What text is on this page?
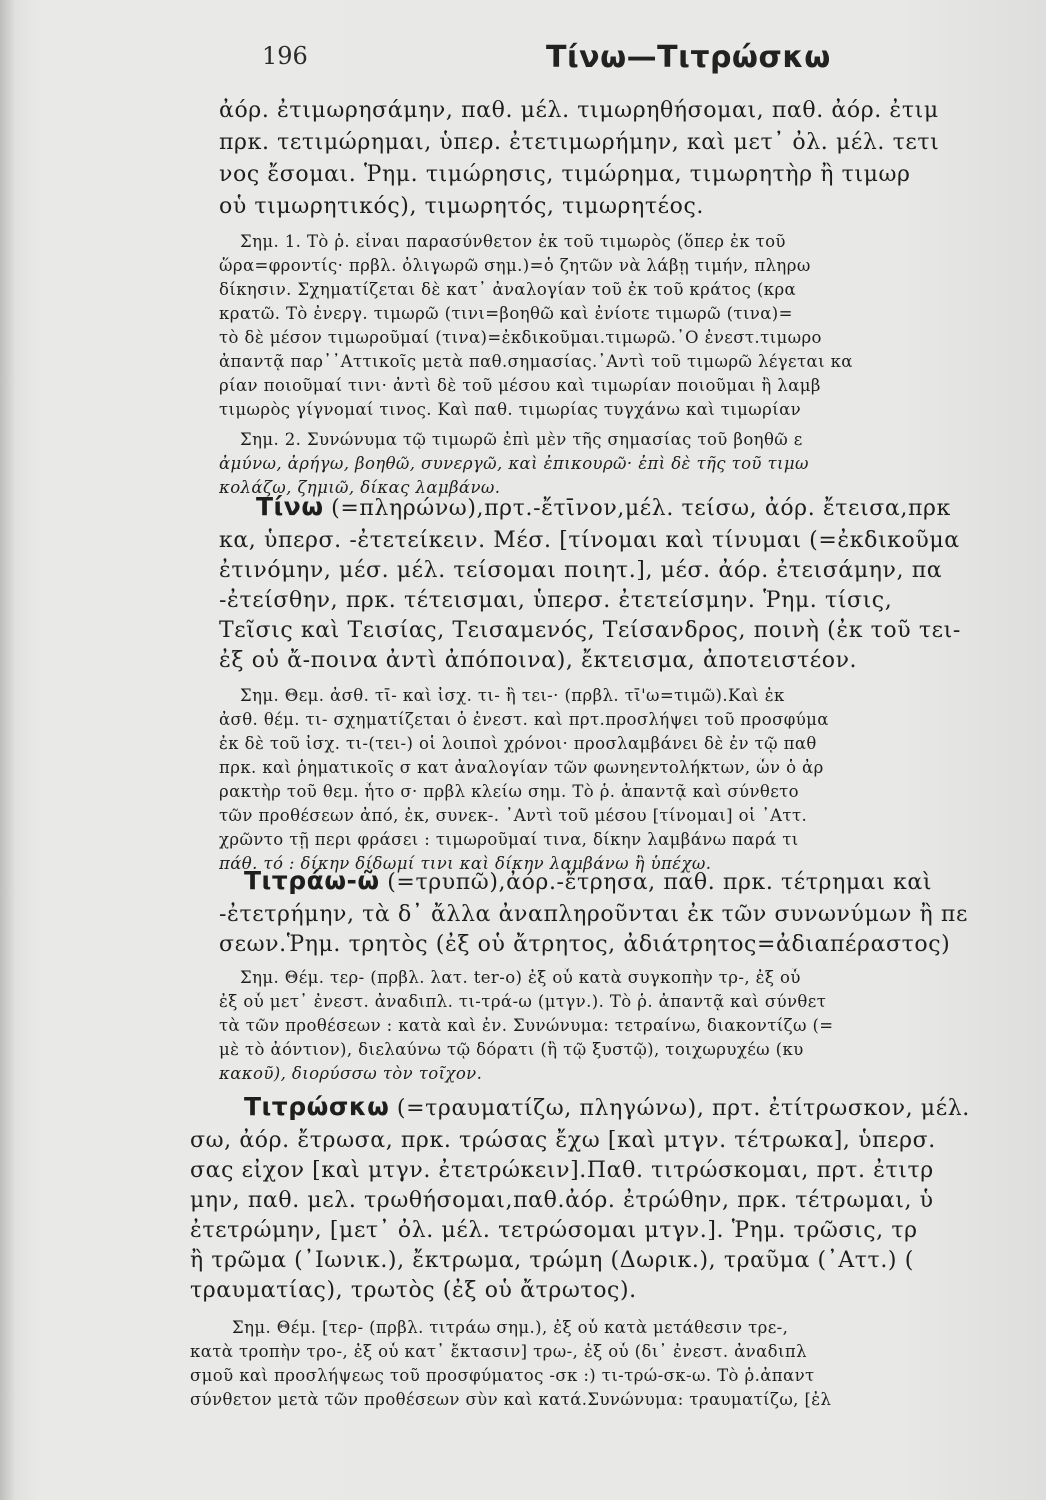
196	Τίνω—Τιτρώσκω
ἀόρ. ἐτιμωρησάμην, παθ. μέλ. τιμωρηθήσομαι, παθ. ἀόρ. ἐτιμ
πρκ. τετιμώρημαι, ὑπερ. ἐτετιμωρήμην, καὶ μετ᾽ ὀλ. μέλ. τετι
νος ἔσομαι. Ῥημ. τιμώρησις, τιμώρημα, τιμωρητὴρ ἢ τιμωρ
οὗ τιμωρητικός), τιμωρητός, τιμωρητέος.
Σημ. 1. Τὸ ῥ. εἶναι παρασύνθετον ἐκ τοῦ τιμωρὸς (ὅπερ ἐκ τοῦ
ὥρα=φροντίς· πρβλ. ὀλιγωρῶ σημ.)=ὁ ζητῶν νὰ λάβῃ τιμήν, πληρω
δίκησιν. Σχηματίζεται δὲ κατ᾽ ἀναλογίαν τοῦ ἐκ τοῦ κράτος (κρα
κρατῶ. Τὸ ἐνεργ. τιμωρῶ (τινι=βοηθῶ καὶ ἐνίοτε τιμωρῶ (τινα)=
τὸ δὲ μέσον τιμωροῦμαί (τινα)=ἐκδικοῦμαι.τιμωρῶ.᾽Ο ἐνεστ.τιμωρο
ἀπαντᾷ παρ᾽᾽Αττικοῖς μετὰ παθ.σημασίας.᾽Αντὶ τοῦ τιμωρῶ λέγεται κα
ρίαν ποιοῦμαί τινι· ἀντὶ δὲ τοῦ μέσου καὶ τιμωρίαν ποιοῦμαι ἢ λαμβ
τιμωρὸς γίγνομαί τινος. Καὶ παθ. τιμωρίας τυγχάνω καὶ τιμωρίαν
Σημ. 2. Συνώνυμα τῷ τιμωρῶ ἐπὶ μὲν τῆς σημασίας τοῦ βοηθῶ ε
ἀμύνω, ἀρήγω, βοηθῶ, συνεργῶ, καὶ ἐπικουρῶ· ἐπὶ δὲ τῆς τοῦ τιμω
κολάζω, ζημιῶ, δίκας λαμβάνω.
Τίνω (=πληρώνω),πρτ.-ἔτῑνον,μέλ. τείσω, ἀόρ. ἔτεισα,πρκ
κα, ὑπερσ. -ἐτετείκειν. Μέσ. [τίνομαι καὶ τίνυμαι (=ἐκδικοῦμα
ἐτινόμην, μέσ. μέλ. τείσομαι ποιητ.], μέσ. ἀόρ. ἐτεισάμην, πα
-ἐτείσθην, πρκ. τέτεισμαι, ὑπερσ. ἐτετείσμην. Ῥημ. τίσις,
Τεῖσις καὶ Τεισίας, Τεισαμενός, Τείσανδρος, ποινὴ (ἐκ τοῦ τει-
ἐξ οὗ ἄ-ποινα ἀντὶ ἀπόποινα), ἔκτεισμα, ἀποτειστέον.
Σημ. Θεμ. ἀσθ. τῑ- καὶ ἰσχ. τι- ἢ τει-· (πρβλ. τῑ'ω=τιμῶ).Καὶ ἐκ
ἀσθ. θέμ. τι- σχηματίζεται ὁ ἐνεστ. καὶ πρτ.προσλήψει τοῦ προσφύμα
ἐκ δὲ τοῦ ἰσχ. τι-(τει-) οἱ λοιποὶ χρόνοι· προσλαμβάνει δὲ ἐν τῷ παθ
πρκ. καὶ ῥηματικοῖς σ κατ ἀναλογίαν τῶν φωνηεντολήκτων, ὧν ὁ ἀρ
ρακτὴρ τοῦ θεμ. ἦτο σ· πρβλ κλείω σημ. Τὸ ῥ. ἀπαντᾷ καὶ σύνθετο
τῶν προθέσεων ἀπό, ἐκ, συνεκ-. ᾽Αντὶ τοῦ μέσου [τίνομαι] οἱ ᾽Αττ.
χρῶντο τῇ περι φράσει : τιμωροῦμαί τινα, δίκην λαμβάνω παρά τι
πάθ. τό : δίκην δίδωμί τινι καὶ δίκην λαμβάνω ἢ ὑπέχω.
Τιτράω-ῶ (=τρυπῶ),ἀόρ.-ἔτρησα, παθ. πρκ. τέτρημαι καὶ
-ἐτετρήμην, τὰ δ᾽ ἄλλα ἀναπληροῦνται ἐκ τῶν συνωνύμων ἢ πε
σεων.Ῥημ. τρητὸς (ἐξ οὗ ἄτρητος, ἀδιάτρητος=ἀδιαπέραστος)
Σημ. Θέμ. τερ- (πρβλ. λατ. ter-o) ἐξ οὗ κατὰ συγκοπὴν τρ-, ἐξ οὗ
ἐξ οὗ μετ᾽ ἐνεστ. ἀναδιπλ. τι-τρά-ω (μτγν.). Τὸ ῥ. ἀπαντᾷ καὶ σύνθετ
τὰ τῶν προθέσεων : κατὰ καὶ ἐν. Συνώνυμα: τετραίνω, διακοντίζω (=
μὲ τὸ ἀόντιον), διελαύνω τῷ δόρατι (ἢ τῷ ξυστῷ), τοιχωρυχέω (κυ
κακοῦ), διορύσσω τὸν τοῖχον.
Τιτρώσκω (=τραυματίζω, πληγώνω), πρτ. ἐτίτρωσκον, μέλ.
σω, ἀόρ. ἔτρωσα, πρκ. τρώσας ἔχω [καὶ μτγν. τέτρωκα], ὑπερσ.
σας εἶχον [καὶ μτγν. ἐτετρώκειν].Παθ. τιτρώσκομαι, πρτ. ἐτιτρ
μην, παθ. μελ. τρωθήσομαι,παθ.ἀόρ. ἐτρώθην, πρκ. τέτρωμαι, ὑ
ἐτετρώμην, [μετ᾽ ὀλ. μέλ. τετρώσομαι μτγν.]. Ῥημ. τρῶσις, τρ
ἢ τρῶμα (᾽Ιωνικ.), ἔκτρωμα, τρώμη (Δωρικ.), τραῦμα (᾽Αττ.) (
τραυματίας), τρωτὸς (ἐξ οὗ ἄτρωτος).
Σημ. Θέμ. [τερ- (πρβλ. τιτράω σημ.), ἐξ οὗ κατὰ μετάθεσιν τρε-,
κατὰ τροπὴν τρο-, ἐξ οὗ κατ᾽ ἔκτασιν] τρω-, ἐξ οὗ (δι᾽ ἐνεστ. ἀναδιπλ
σμοῦ καὶ προσλήψεως τοῦ προσφύματος -σκ :) τι-τρώ-σκ-ω. Τὸ ῥ.ἀπαντ
σύνθετον μετὰ τῶν προθέσεων σὺν καὶ κατά.Συνώνυμα: τραυματίζω, [ἐλ
